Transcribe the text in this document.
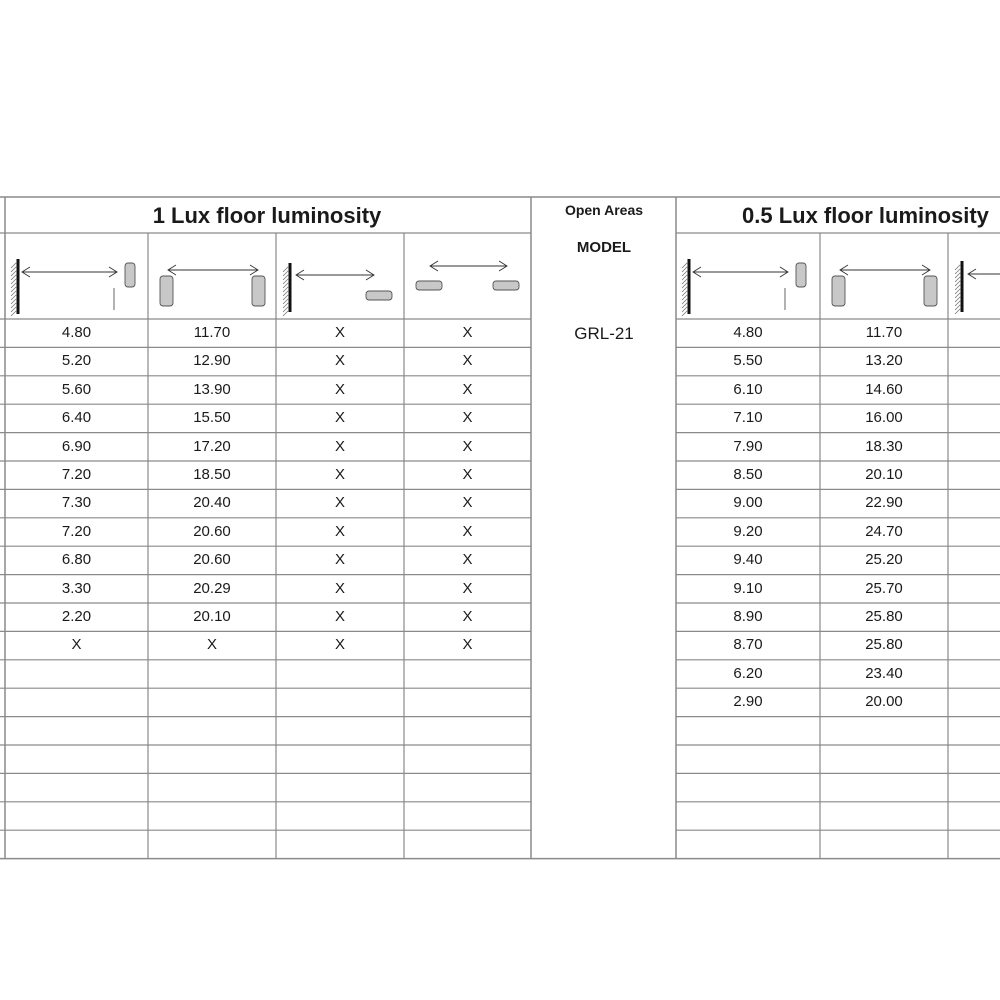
1 Lux floor luminosity	Open Areas
MODEL
GRL-21
0.5 Lux floor luminosity
4.80	11.70	X	X
5.20	12.90	X	X
5.60	13.90	X	X
6.40	15.50	X	X
6.90	17.20	X	X
7.20	18.50	X	X
7.30	20.40	X	X
7.20	20.60	X	X
6.80	20.60	X	X
3.30	20.29	X	X
2.20	20.10	X	X
X	X	X	X
4.80	11.70
5.50	13.20
6.10	14.60
7.10	16.00
7.90	18.30
8.50	20.10
9.00	22.90
9.20	24.70
9.40	25.20
9.10	25.70
8.90	25.80
8.70	25.80
6.20	23.40
2.90	20.00
